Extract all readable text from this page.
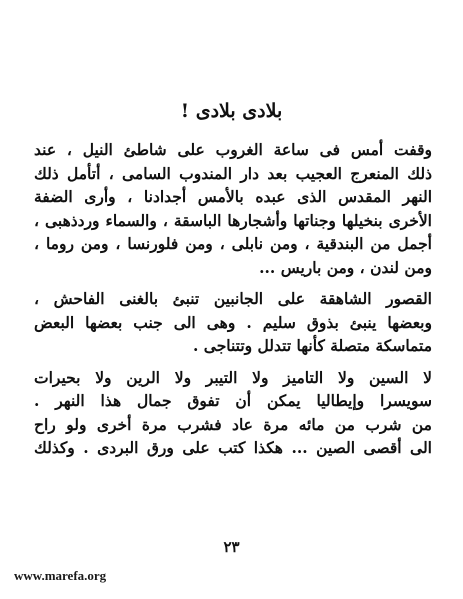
بلادى بلادى !
وقفت أمس فى ساعة الغروب على شاطئ النيل ، عند
ذلك المنعرج العجيب بعد دار المندوب السامى ، أتأمل ذلك
النهر المقدس الذى عبده بالأمس أجدادنا ، وأرى الضفة
الأخرى بنخيلها وجناتها وأشجارها الباسقة ، والسماء وردذهبى ،
أجمل من البندقية ، ومن نابلى ، ومن فلورنسا ، ومن روما ،
ومن لندن ، ومن باريس ...
القصور الشاهقة على الجانبين تنبئ بالغنى الفاحش ،
وبعضها ينبئ بذوق سليم . وهى الى جنب بعضها البعض
متماسكة متصلة كأنها تتدلل وتتناجى .
لا السين ولا التاميز ولا التيبر ولا الرين ولا بحيرات
سويسرا وإيطاليا يمكن أن تفوق جمال هذا النهر .
من شرب من مائه مرة عاد فشرب مرة أخرى ولو راح
الى أقصى الصين ... هكذا كتب على ورق البردى . وكذلك
٢٣
www.marefa.org
